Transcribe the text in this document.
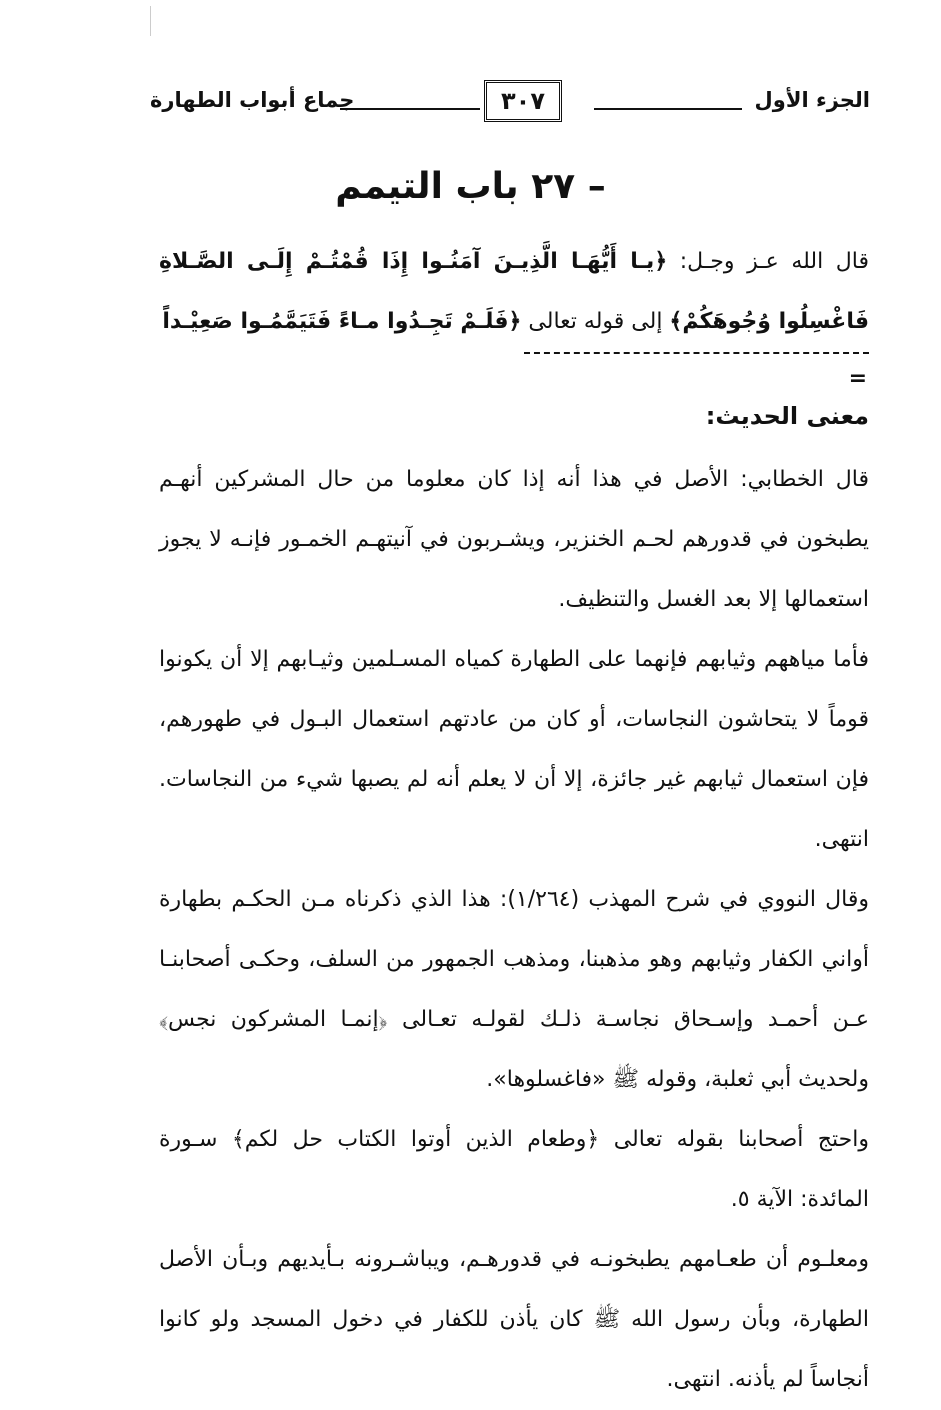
الجزء الأول
٣٠٧
جماع أبواب الطهارة
٢٧ – باب التيمم
قال الله عـز وجـل: ﴿يـا أَيُّهَـا الَّذِيـنَ آمَنُـوا إِذَا قُمْتُـمْ إِلَـى الصَّـلاةِ فَاغْسِلُوا وُجُوهَكُمْ﴾ إلى قوله تعالى ﴿فَلَـمْ تَجِـدُوا مـاءً فَتَيَمَّمُـوا صَعِيْـداً
=
معنى الحديث:

قال الخطابي: الأصل في هذا أنه إذا كان معلوما من حال المشركين أنهـم يطبخون في قدورهم لحـم الخنزير، ويشـربون في آنيتهـم الخمـور فإنـه لا يجوز استعمالها إلا بعد الغسل والتنظيف.

فأما مياههم وثيابهم فإنهما على الطهارة كمياه المسـلمين وثيـابهم إلا أن يكونوا قوماً لا يتحاشون النجاسات، أو كان من عادتهم استعمال البـول في طهورهم، فإن استعمال ثيابهم غير جائزة، إلا أن لا يعلم أنه لم يصبها شيء من النجاسات. انتهى.

وقال النووي في شرح المهذب (١/٢٦٤): هذا الذي ذكرناه مـن الحكـم بطهارة أواني الكفار وثيابهم وهو مذهبنا، ومذهب الجمهور من السلف، وحكـى أصحابنـا عـن أحمـد وإسـحاق نجاسـة ذلـك لقولـه تعـالى ﴿إنمـا المشركون نجس﴾ ولحديث أبي ثعلبة، وقوله ﷺ «فاغسلوها».

واحتج أصحابنا بقوله تعالى ﴿وطعام الذين أوتوا الكتاب حل لكم﴾ سـورة المائدة: الآية ٥.

ومعلـوم أن طعـامهم يطبخونـه في قدورهـم، ويباشـرونه بـأيديهم وبـأن الأصل الطهارة، وبأن رسول الله ﷺ كان يأذن للكفار في دخول المسجد ولو كانوا أنجاساً لم يأذنه. انتهى.
